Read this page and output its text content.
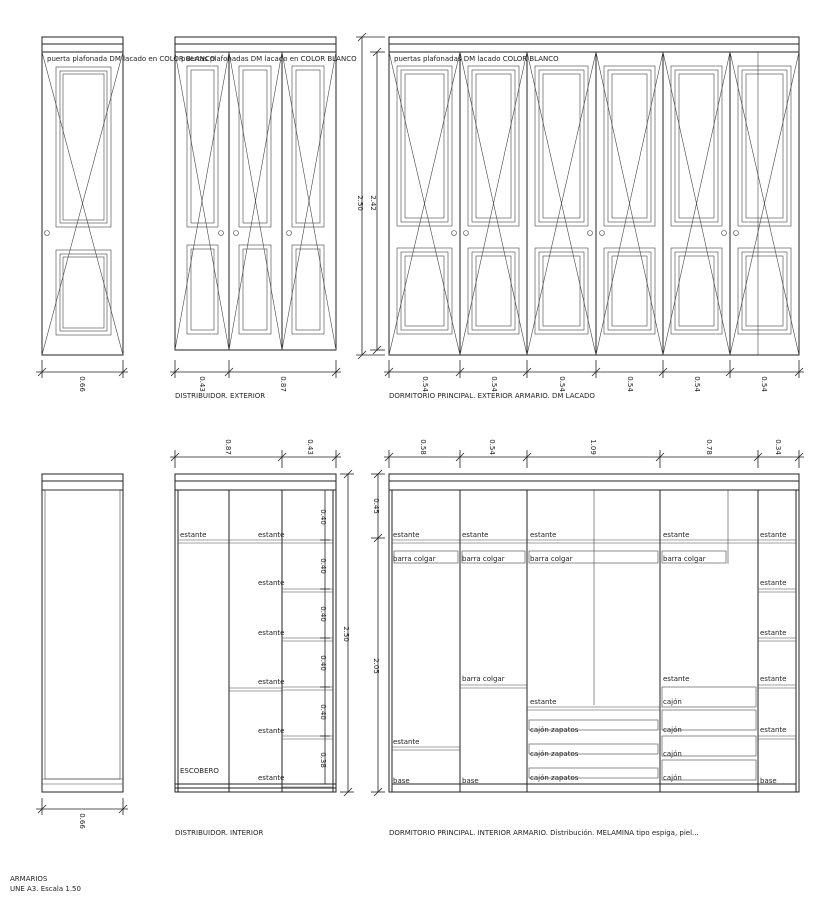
puerta plafonada DM lacado en COLOR BLANCO
puertas plafonadas DM lacado en COLOR BLANCO	puertas plafonadas DM lacado COLOR BLANCO
0.66	0.43	0.87	0.54	0.54	0.54	0.54	0.54	0.54
2.50 2.42
DISTRIBUIDOR. EXTERIOR	DORMITORIO PRINCIPAL. EXTERIOR ARMARIO. DM LACADO
0.66
estante	estante
estante
estante
estante
estante
estante
ESCOBERO
0.87	0.43
2.50
0.40
0.40
0.40
0.40
0.40
0.38
estante	estante	estante	estante	estante
barra colgar	barra colgar	barra colgar	barra colgar
estante
estante
barra colgar	estante	estante
estante	cajón
cajón zapatos	cajón	estante
estante
cajón zapatos	cajón
cajón zapatos	cajón
base	base	base
0.58	0.54	1.09	0.78	0.34
0.45
2.05
DISTRIBUIDOR. INTERIOR	DORMITORIO PRINCIPAL. INTERIOR ARMARIO. Distribución. MELAMINA tipo espiga, piel...
ARMARIOS
UNE A3. Escala 1.50
